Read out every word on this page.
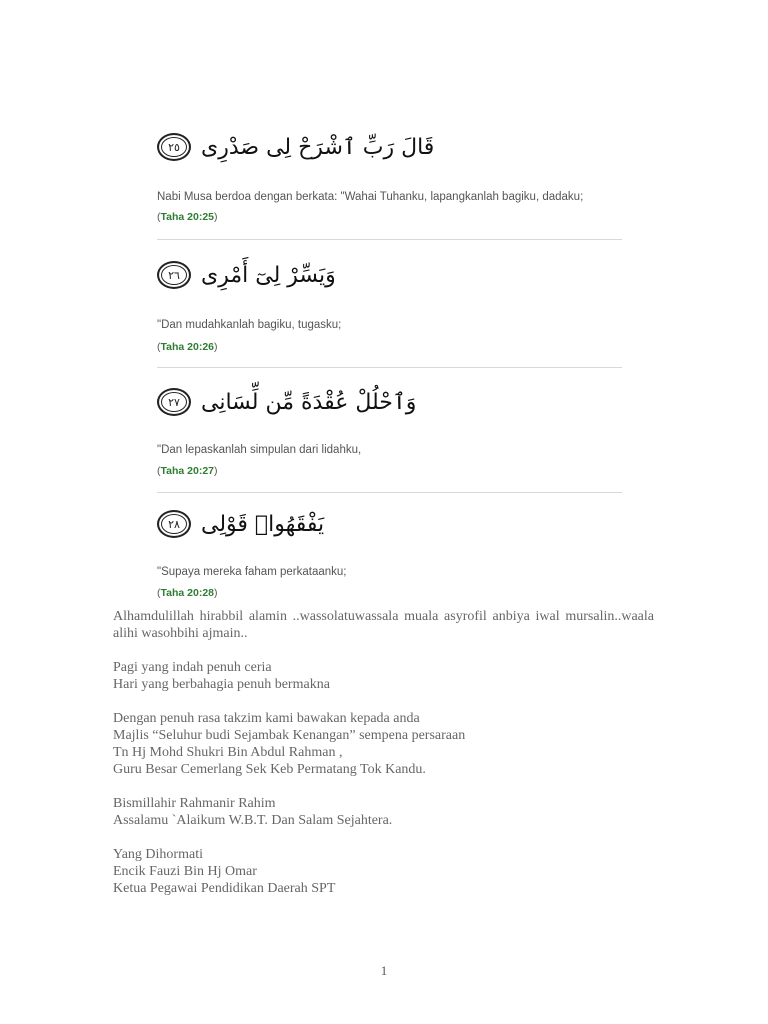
٢٥ قَالَ رَبِّ ٱشْرَحْ لِى صَدْرِى
Nabi Musa berdoa dengan berkata: "Wahai Tuhanku, lapangkanlah bagiku, dadaku;
(Taha 20:25)
٢٦ وَيَسِّرْ لِىٓ أَمْرِى
"Dan mudahkanlah bagiku, tugasku;
(Taha 20:26)
٢٧ وَٱحْلُلْ عُقْدَةً مِّن لِّسَانِى
"Dan lepaskanlah simpulan dari lidahku,
(Taha 20:27)
٢٨ يَفْقَهُوا۟ قَوْلِى
"Supaya mereka faham perkataanku;
(Taha 20:28)

Alhamdulillah hirabbil alamin ..wassolatuwassala muala asyrofil anbiya iwal mursalin..waala alihi wasohbihi ajmain..

Pagi yang indah penuh ceria
Hari yang berbahagia penuh bermakna
Dengan penuh rasa takzim kami bawakan kepada anda
Majlis “Seluhur budi Sejambak Kenangan” sempena persaraan
Tn Hj Mohd Shukri Bin Abdul Rahman ,
Guru Besar Cemerlang Sek Keb Permatang Tok Kandu.
Bismillahir Rahmanir Rahim
Assalamu `Alaikum W.B.T. Dan Salam Sejahtera.
Yang Dihormati
Encik Fauzi Bin Hj Omar
Ketua Pegawai Pendidikan Daerah SPT
1
